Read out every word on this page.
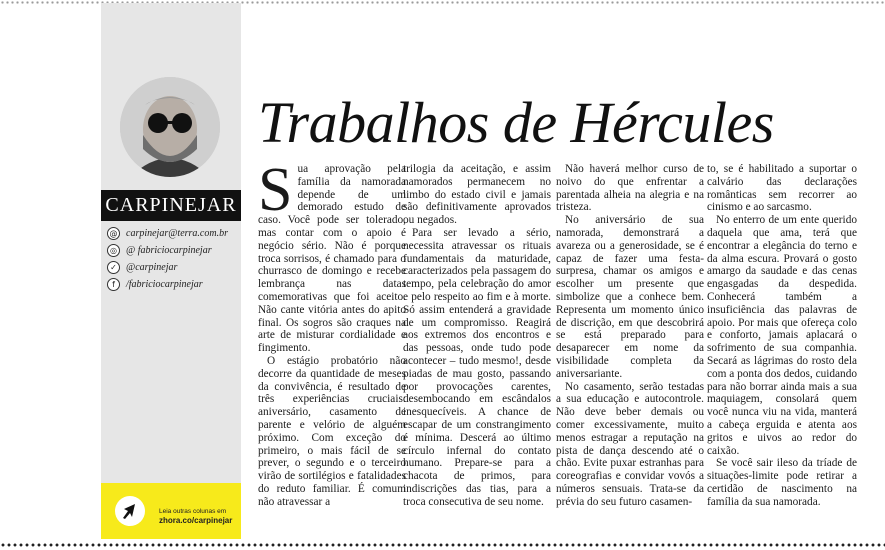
CARPINEJAR
@ carpinejar@terra.com.br
◎ @ fabriciocarpinejar
✓ @carpinejar
f	/fabriciocarpinejar
Leia outras colunas em
zhora.co/carpinejar
Trabalhos de Hércules
S ua aprovação pela família da namorada depende de um demorado estudo de caso. Você pode ser tolerado, mas contar com o apoio é negócio sério. Não é porque troca sorrisos, é chamado para o churrasco de domingo e recebe lembrança nas datas comemorativas que foi aceito. Não cante vitória antes do apito final. Os sogros são craques na arte de misturar cordialidade e fingimento.

O estágio probatório não decorre da quantidade de meses da convivência, é resultado de três experiências cruciais: aniversário, casamento de parente e velório de alguém próximo. Com exceção do primeiro, o mais fácil de se prever, o segundo e o terceiro virão de sortilégios e fatalidades do reduto familiar. É comum não atravessar a

trilogia da aceitação, e assim namorados permanecem no limbo do estado civil e jamais são definitivamente aprovados ou negados.

Para ser levado a sério, necessita atravessar os rituais fundamentais da maturidade, caracterizados pela passagem do tempo, pela celebração do amor e pelo respeito ao fim e à morte. Só assim entenderá a gravidade de um compromisso. Reagirá aos extremos dos encontros e das pessoas, onde tudo pode acontecer – tudo mesmo!, desde piadas de mau gosto, passando por provocações carentes, desembocando em escândalos inesquecíveis. A chance de escapar de um constrangimento é mínima. Descerá ao último círculo infernal do contato humano. Prepare-se para a chacota de primos, para indiscrições das tias, para a troca consecutiva de seu nome.

Não haverá melhor curso de noivo do que enfrentar a parentada alheia na alegria e na tristeza.

No aniversário de sua namorada, demonstrará a avareza ou a generosidade, se é capaz de fazer uma festa-surpresa, chamar os amigos e escolher um presente que simbolize que a conhece bem. Representa um momento único de discrição, em que descobrirá se está preparado para desaparecer em nome da visibilidade completa da aniversariante.

No casamento, serão testadas a sua educação e autocontrole. Não deve beber demais ou comer excessivamente, muito menos estragar a reputação na pista de dança descendo até o chão. Evite puxar estranhas para coreografias e convidar vovós a números sensuais. Trata-se da prévia do seu futuro casamen-

to, se é habilitado a suportar o calvário das declarações românticas sem recorrer ao cinismo e ao sarcasmo.

No enterro de um ente querido daquela que ama, terá que encontrar a elegância do terno e da alma escura. Provará o gosto amargo da saudade e das cenas engasgadas da despedida. Conhecerá também a insuficiência das palavras de apoio. Por mais que ofereça colo e conforto, jamais aplacará o sofrimento de sua companhia. Secará as lágrimas do rosto dela com a ponta dos dedos, cuidando para não borrar ainda mais a sua maquiagem, consolará quem você nunca viu na vida, manterá a cabeça erguida e atenta aos gritos e uivos ao redor do caixão.

Se você sair ileso da tríade de situações-limite pode retirar a certidão de nascimento na família da sua namorada.
